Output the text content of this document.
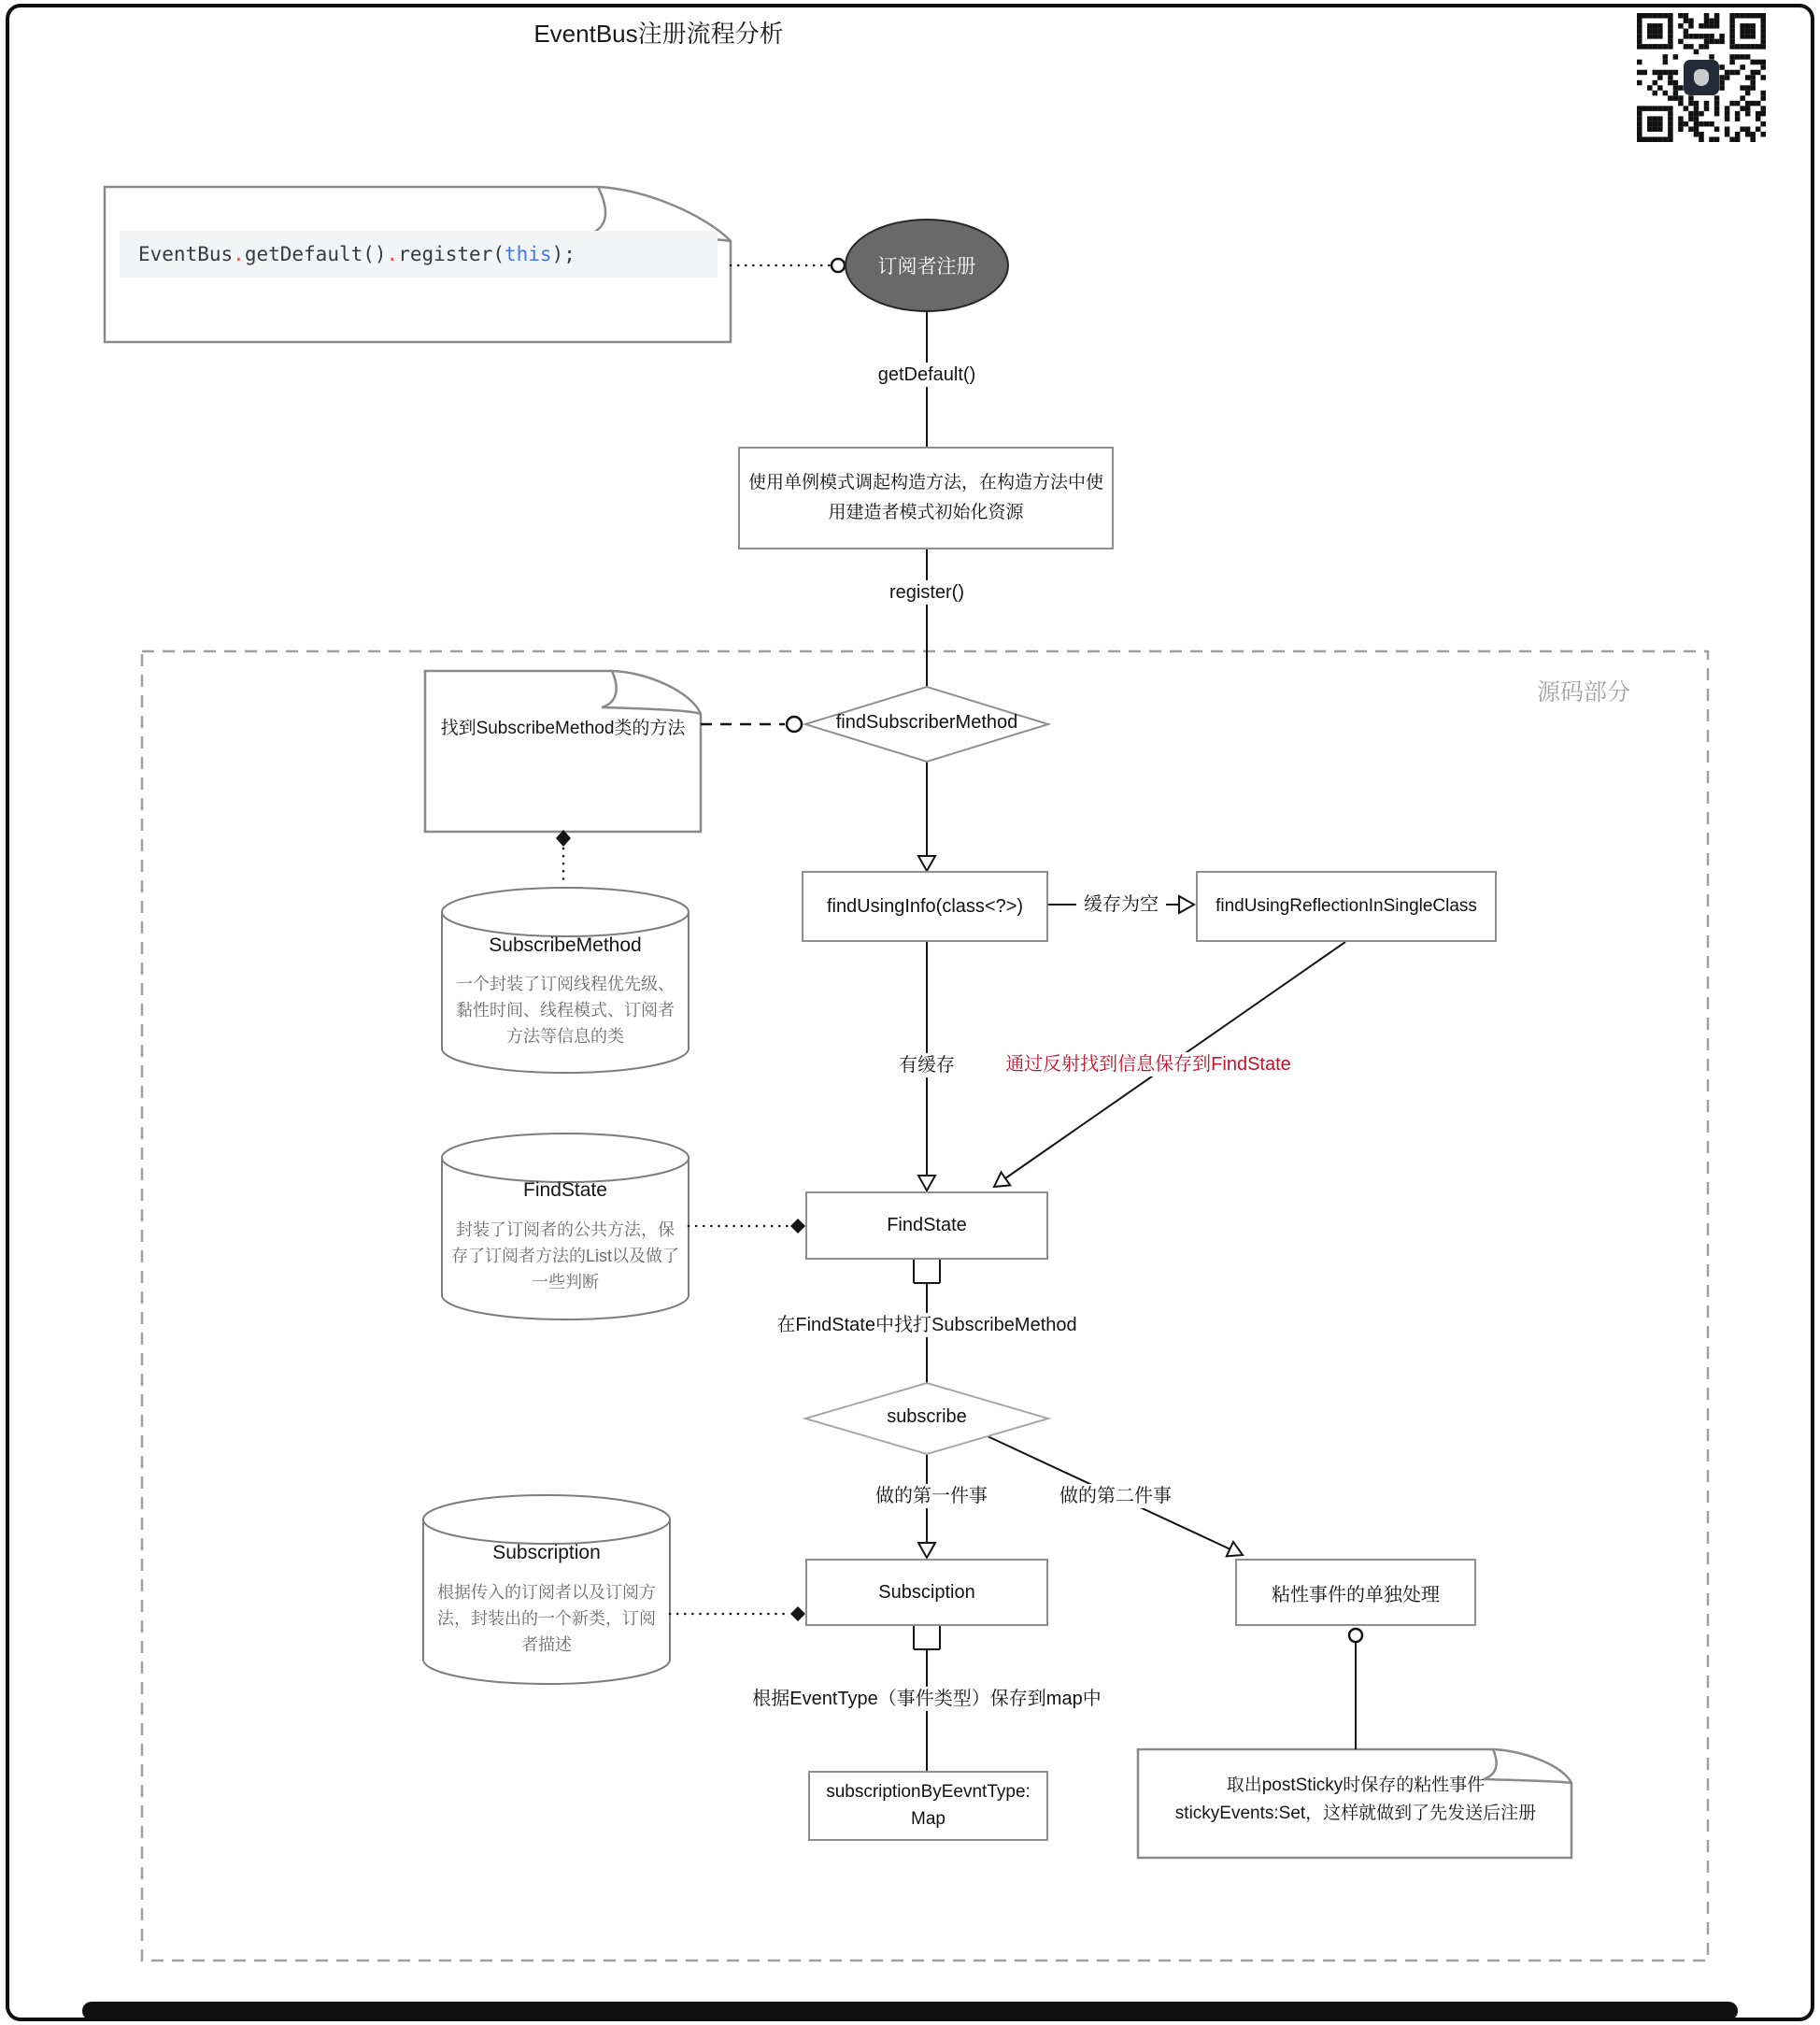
EventBus注册流程分析
EventBus . getDefault() . register( this );
订阅者注册
源码部分
使用单例模式调起构造方法，在构造方法中使用建造者模式初始化资源
findUsingInfo(class<?>)	findUsingReflectionInSingleClass
FindState
Subsciption	粘性事件的单独处理
subscriptionByEevntType:Map
findSubscriberMethod
subscribe
getDefault()
register()
缓存为空
有缓存	通过反射找到信息保存到FindState
在FindState中找打SubscribeMethod
做的第一件事	做的第二件事
根据EventType（事件类型）保存到map中
找到SubscribeMethod类的方法
取出postSticky时保存的粘性事件stickyEvents:Set，这样就做到了先发送后注册
SubscribeMethod
一个封装了订阅线程优先级、黏性时间、线程模式、订阅者方法等信息的类
FindState
封装了订阅者的公共方法，保存了订阅者方法的List以及做了一些判断
Subscription
根据传入的订阅者以及订阅方法，封装出的一个新类，订阅者描述
